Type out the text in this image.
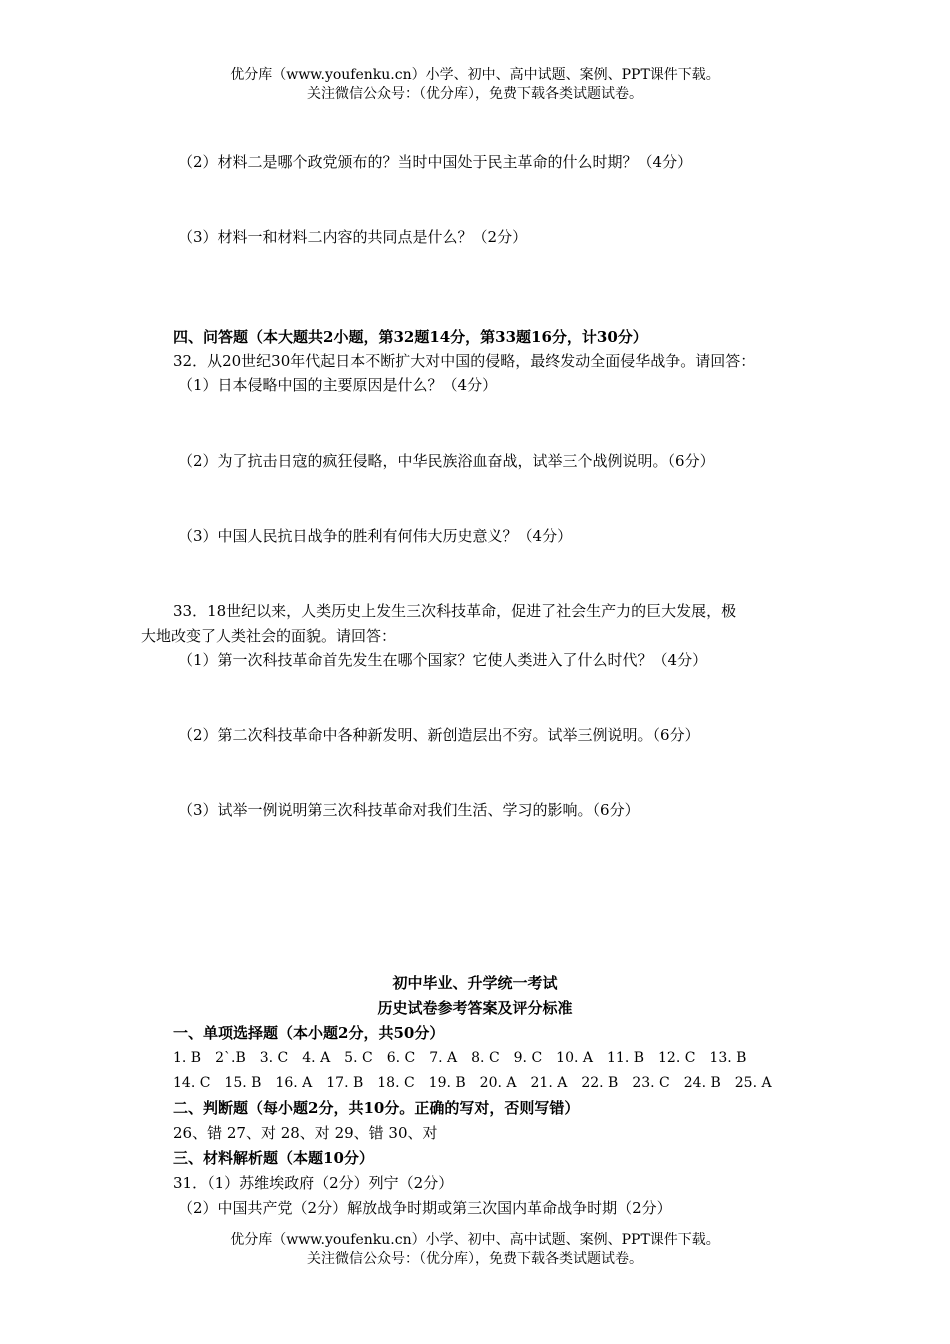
优分库（www.youfenku.cn）小学、初中、高中试题、案例、PPT课件下载。
关注微信公众号：（优分库），免费下载各类试题试卷。
（2）材料二是哪个政党颁布的？当时中国处于民主革命的什么时期？（4分）
（3）材料一和材料二内容的共同点是什么？（2分）
四、问答题（本大题共2小题，第32题14分，第33题16分，计30分）
32．从20世纪30年代起日本不断扩大对中国的侵略，最终发动全面侵华战争。请回答：
（1）日本侵略中国的主要原因是什么？（4分）
（2）为了抗击日寇的疯狂侵略，中华民族浴血奋战，试举三个战例说明。（6分）
（3）中国人民抗日战争的胜利有何伟大历史意义？（4分）
33．18世纪以来，人类历史上发生三次科技革命，促进了社会生产力的巨大发展，极
大地改变了人类社会的面貌。请回答：
（1）第一次科技革命首先发生在哪个国家？它使人类进入了什么时代？（4分）
（2）第二次科技革命中各种新发明、新创造层出不穷。试举三例说明。（6分）
（3）试举一例说明第三次科技革命对我们生活、学习的影响。（6分）
初中毕业、升学统一考试
历史试卷参考答案及评分标准
一、单项选择题（本小题2分，共50分）
1. B　2`.B　3. C　4. A　5. C　6. C　7. A　8. C　9. C　10. A　11. B　12. C　13. B
14. C　15. B　16. A　17. B　18. C　19. B　20. A　21. A　22. B　23. C　24. B　25. A
二、判断题（每小题2分，共10分。正确的写对，否则写错）
26、错 27、对 28、对 29、错 30、对
三、材料解析题（本题10分）
31．（1）苏维埃政府（2分）列宁（2分）
（2）中国共产党（2分）解放战争时期或第三次国内革命战争时期（2分）
优分库（www.youfenku.cn）小学、初中、高中试题、案例、PPT课件下载。
关注微信公众号：（优分库），免费下载各类试题试卷。
